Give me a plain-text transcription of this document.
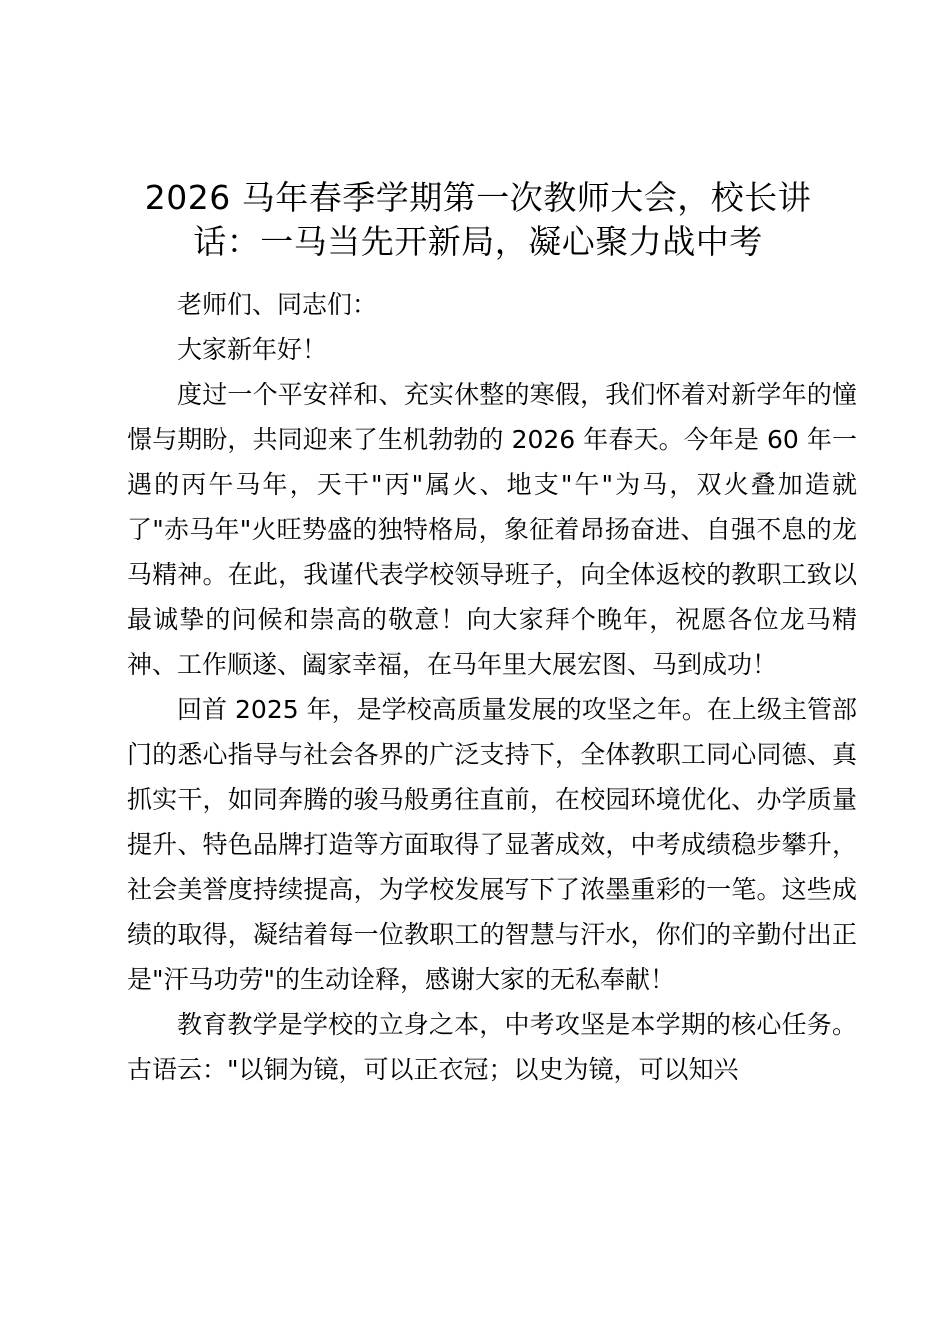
2026 马年春季学期第一次教师大会，校长讲话：一马当先开新局，凝心聚力战中考

老师们、同志们：

大家新年好！

度过一个平安祥和、充实休整的寒假，我们怀着对新学年的憧憬与期盼，共同迎来了生机勃勃的 2026 年春天。今年是 60 年一遇的丙午马年，天干"丙"属火、地支"午"为马，双火叠加造就了"赤马年"火旺势盛的独特格局，象征着昂扬奋进、自强不息的龙马精神。在此，我谨代表学校领导班子，向全体返校的教职工致以最诚挚的问候和崇高的敬意！向大家拜个晚年，祝愿各位龙马精神、工作顺遂、阖家幸福，在马年里大展宏图、马到成功！

回首 2025 年，是学校高质量发展的攻坚之年。在上级主管部门的悉心指导与社会各界的广泛支持下，全体教职工同心同德、真抓实干，如同奔腾的骏马般勇往直前，在校园环境优化、办学质量提升、特色品牌打造等方面取得了显著成效，中考成绩稳步攀升，社会美誉度持续提高，为学校发展写下了浓墨重彩的一笔。这些成绩的取得，凝结着每一位教职工的智慧与汗水，你们的辛勤付出正是"汗马功劳"的生动诠释，感谢大家的无私奉献！

教育教学是学校的立身之本，中考攻坚是本学期的核心任务。古语云："以铜为镜，可以正衣冠；以史为镜，可以知兴
